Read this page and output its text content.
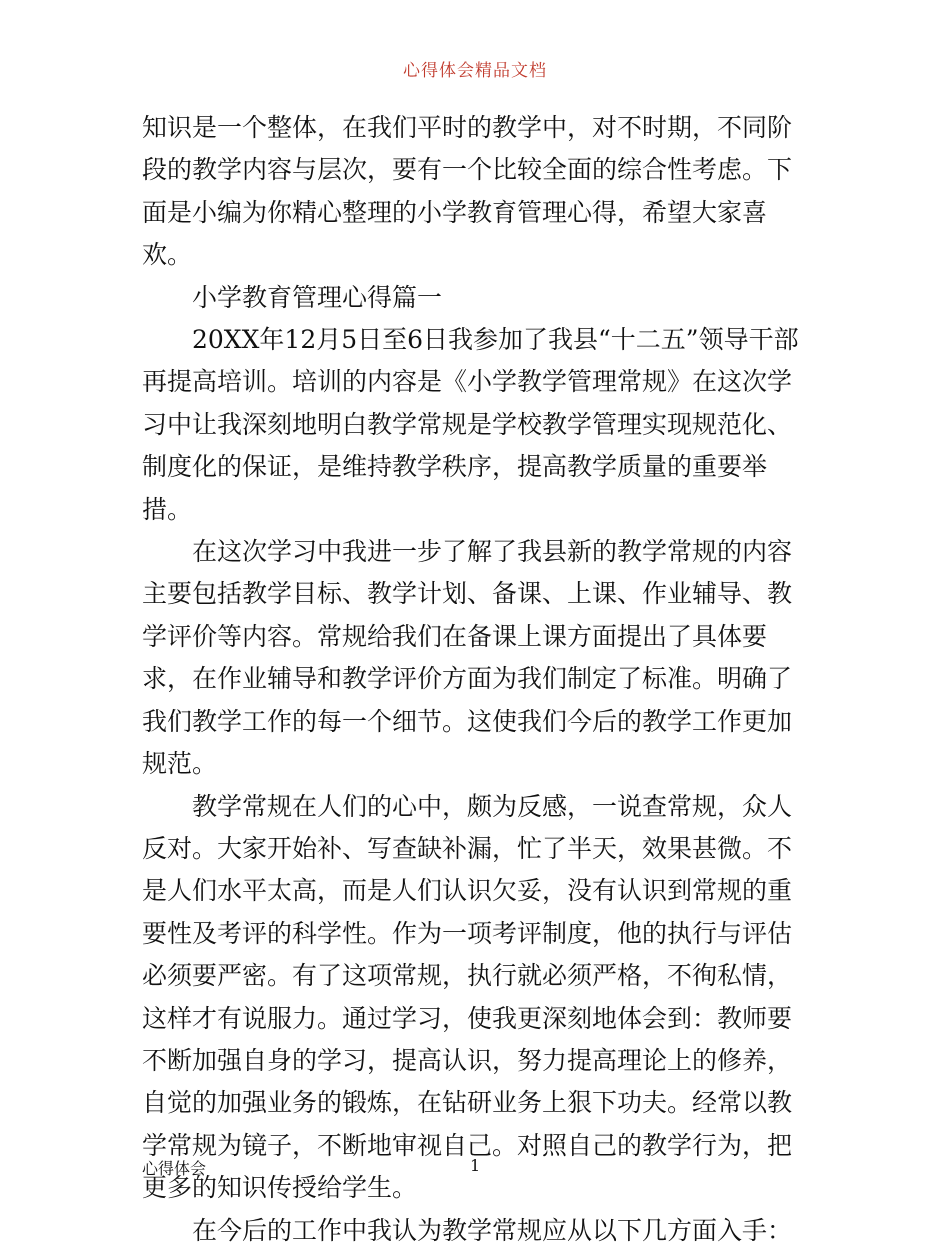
心得体会精品文档

知识是一个整体，在我们平时的教学中，对不时期，不同阶段的教学内容与层次，要有一个比较全面的综合性考虑。下面是小编为你精心整理的小学教育管理心得，希望大家喜欢。

小学教育管理心得篇一

20XX年12月5日至6日我参加了我县“十二五”领导干部再提高培训。培训的内容是《小学教学管理常规》在这次学习中让我深刻地明白教学常规是学校教学管理实现规范化、制度化的保证，是维持教学秩序，提高教学质量的重要举措。

在这次学习中我进一步了解了我县新的教学常规的内容主要包括教学目标、教学计划、备课、上课、作业辅导、教学评价等内容。常规给我们在备课上课方面提出了具体要求，在作业辅导和教学评价方面为我们制定了标准。明确了我们教学工作的每一个细节。这使我们今后的教学工作更加规范。

教学常规在人们的心中，颇为反感，一说查常规，众人反对。大家开始补、写查缺补漏，忙了半天，效果甚微。不是人们水平太高，而是人们认识欠妥，没有认识到常规的重要性及考评的科学性。作为一项考评制度，他的执行与评估必须要严密。有了这项常规，执行就必须严格，不徇私情，这样才有说服力。通过学习，使我更深刻地体会到：教师要不断加强自身的学习，提高认识，努力提高理论上的修养，自觉的加强业务的锻炼，在钻研业务上狠下功夫。经常以教学常规为镜子，不断地审视自己。对照自己的教学行为，把更多的知识传授给学生。

在今后的工作中我认为教学常规应从以下几方面入手：

心得体会	1
